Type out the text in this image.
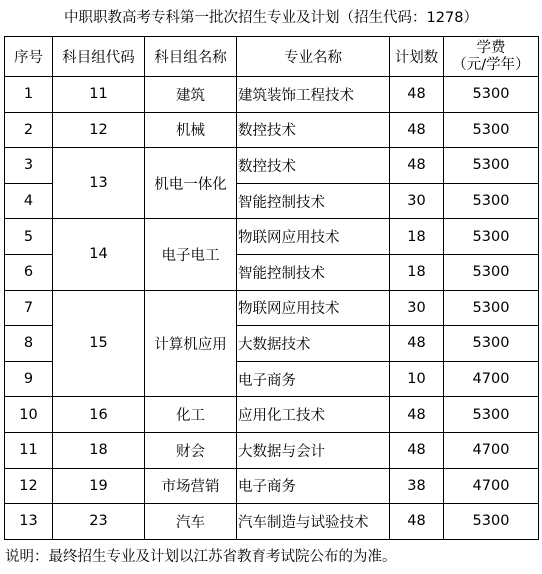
中职职教高考专科第一批次招生专业及计划（招生代码：1278）
序号	科目组代码	科目组名称	专业名称	计划数	学费
（元/学年）
1	11	建筑	建筑装饰工程技术	48	5300
2	12	机械	数控技术	48	5300
3	13	机电一体化	数控技术	48	5300
4			智能控制技术	30	5300
5	14	电子电工	物联网应用技术	18	5300
6			智能控制技术	18	5300
7	15	计算机应用	物联网应用技术	30	5300
8			大数据技术	48	5300
9			电子商务	10	4700
10	16	化工	应用化工技术	48	5300
11	18	财会	大数据与会计	48	4700
12	19	市场营销	电子商务	38	4700
13	23	汽车	汽车制造与试验技术	48	5300
说明：最终招生专业及计划以江苏省教育考试院公布的为准。
